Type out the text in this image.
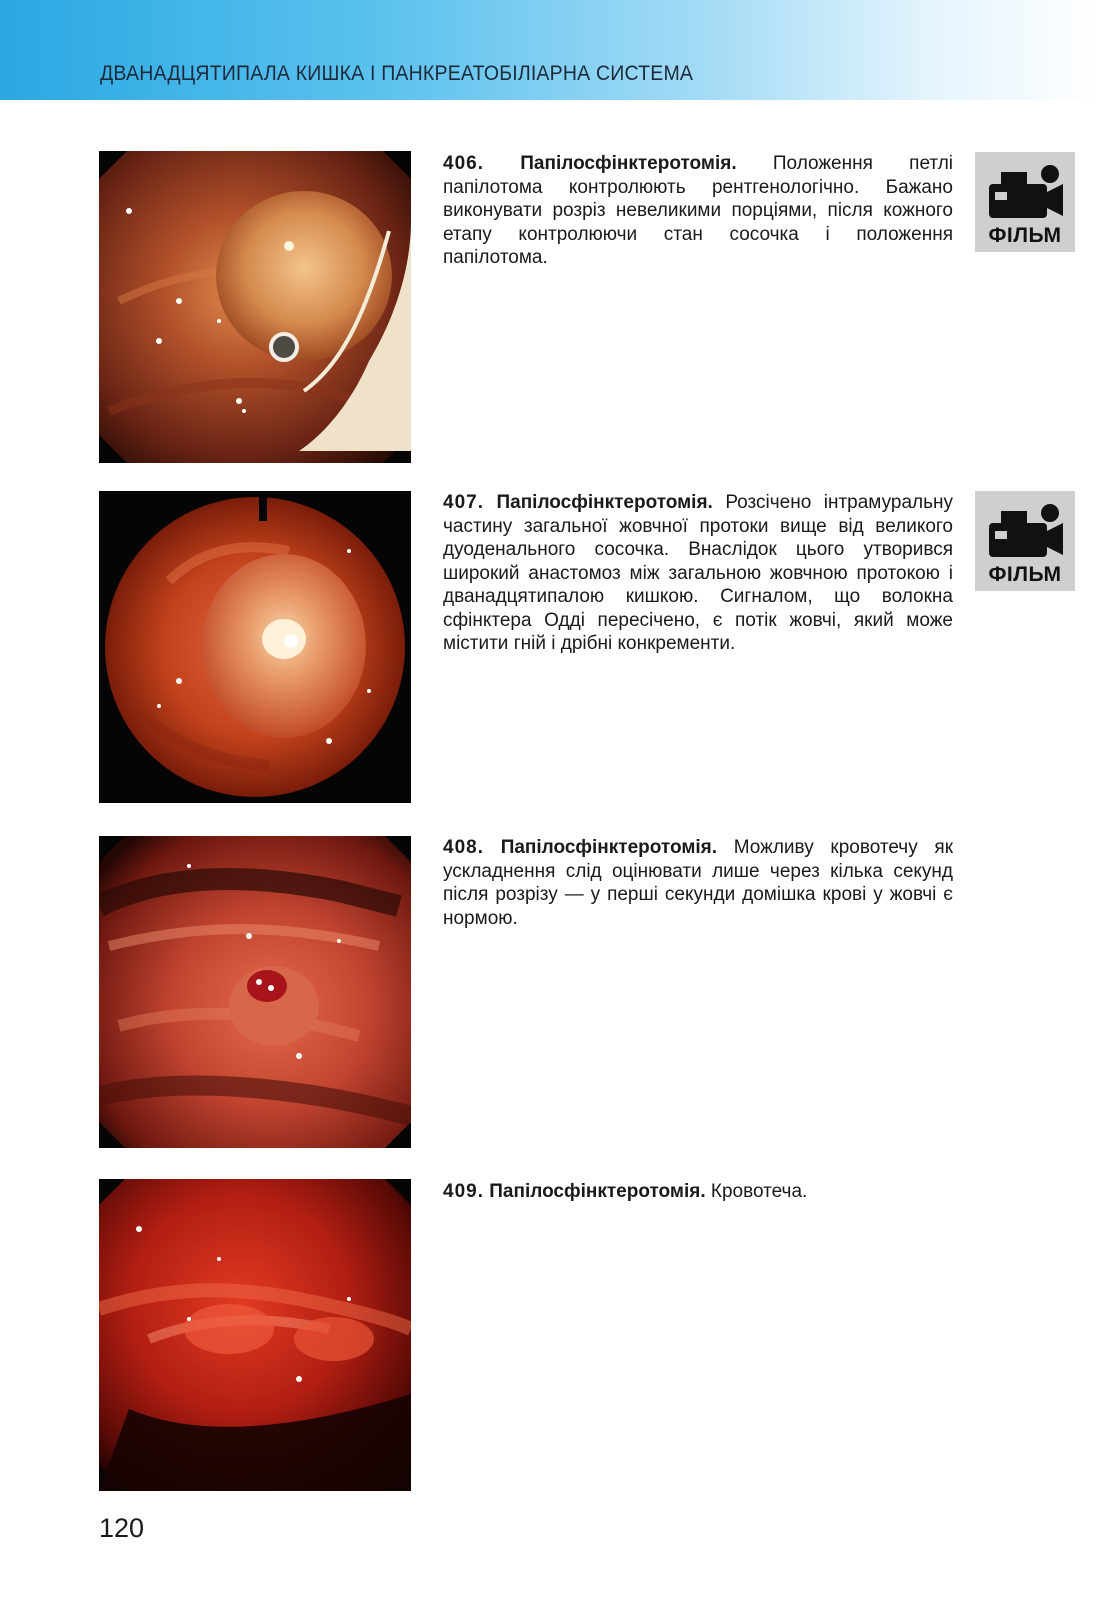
ДВАНАДЦЯТИПАЛА КИШКА І ПАНКРЕАТОБІЛІАРНА СИСТЕМА
406. Папілосфінктеротомія. Положення петлі папілотома контролюють рентгенологічно. Бажано виконувати розріз невеликими порціями, після кожного етапу контролюючи стан сосочка і положення папілотома.
ФІЛЬМ
407. Папілосфінктеротомія. Розсічено інтрамуральну частину загальної жовчної протоки вище від великого дуоденального сосочка. Внаслідок цього утворився широкий анастомоз між загальною жовчною протокою і дванадцятипалою кишкою. Сигналом, що волокна сфінктера Одді пересічено, є потік жовчі, який може містити гній і дрібні конкременти.
ФІЛЬМ
408. Папілосфінктеротомія. Можливу кровотечу як ускладнення слід оцінювати лише через кілька секунд після розрізу — у перші секунди домішка крові у жовчі є нормою.
409. Папілосфінктеротомія. Кровотеча.
120
